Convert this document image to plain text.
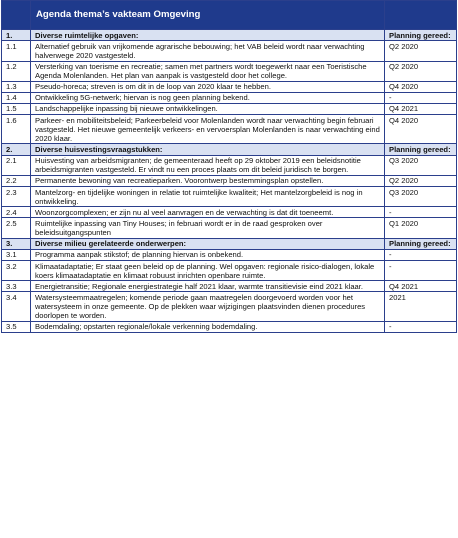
	Agenda thema’s vakteam Omgeving	
1.	Diverse ruimtelijke opgaven:	Planning gereed:
1.1	Alternatief gebruik van vrijkomende agrarische bebouwing; het VAB beleid wordt naar verwachting halverwege 2020 vastgesteld.	Q2 2020
1.2	Versterking van toerisme en recreatie; samen met partners wordt toegewerkt naar een Toeristische Agenda Molenlanden. Het plan van aanpak is vastgesteld door het college.	Q2 2020
1.3	Pseudo-horeca; streven is om dit in de loop van 2020 klaar te hebben.	Q4 2020
1.4	Ontwikkeling 5G-netwerk; hiervan is nog geen planning bekend.	-
1.5	Landschappelijke inpassing bij nieuwe ontwikkelingen.	Q4 2021
1.6	Parkeer- en mobiliteitsbeleid; Parkeerbeleid voor Molenlanden wordt naar verwachting begin februari vastgesteld. Het nieuwe gemeentelijk verkeers- en vervoersplan Molenlanden is naar verwachting eind 2020 klaar.	Q4 2020
2.	Diverse huisvestingsvraagstukken:	Planning gereed:
2.1	Huisvesting van arbeidsmigranten; de gemeenteraad heeft op 29 oktober 2019 een beleidsnotitie arbeidsmigranten vastgesteld. Er vindt nu een proces plaats om dit beleid juridisch te borgen.	Q3 2020
2.2	Permanente bewoning van recreatieparken. Voorontwerp bestemmingsplan opstellen.	Q2 2020
2.3	Mantelzorg- en tijdelijke woningen in relatie tot ruimtelijke kwaliteit; Het mantelzorgbeleid is nog in ontwikkeling.	Q3 2020
2.4	Woonzorgcomplexen; er zijn nu al veel aanvragen en de verwachting is dat dit toeneemt.	-
2.5	Ruimtelijke inpassing van Tiny Houses; in februari wordt er in de raad gesproken over beleidsuitgangspunten	Q1 2020
3.	Diverse milieu gerelateerde onderwerpen:	Planning gereed:
3.1	Programma aanpak stikstof; de planning hiervan is onbekend.	-
3.2	Klimaatadaptatie; Er staat geen beleid op de planning. Wel opgaven: regionale risico-dialogen, lokale koers klimaatadaptatie en klimaat robuust inrichten openbare ruimte.	-
3.3	Energietransitie; Regionale energiestrategie half 2021 klaar, warmte transitievisie eind 2021 klaar.	Q4 2021
3.4	Watersysteemmaatregelen; komende periode gaan maatregelen doorgevoerd worden voor het watersysteem in onze gemeente. Op de plekken waar wijzigingen plaatsvinden dienen procedures doorlopen te worden.	2021
3.5	Bodemdaling; opstarten regionale/lokale verkenning bodemdaling.	-
